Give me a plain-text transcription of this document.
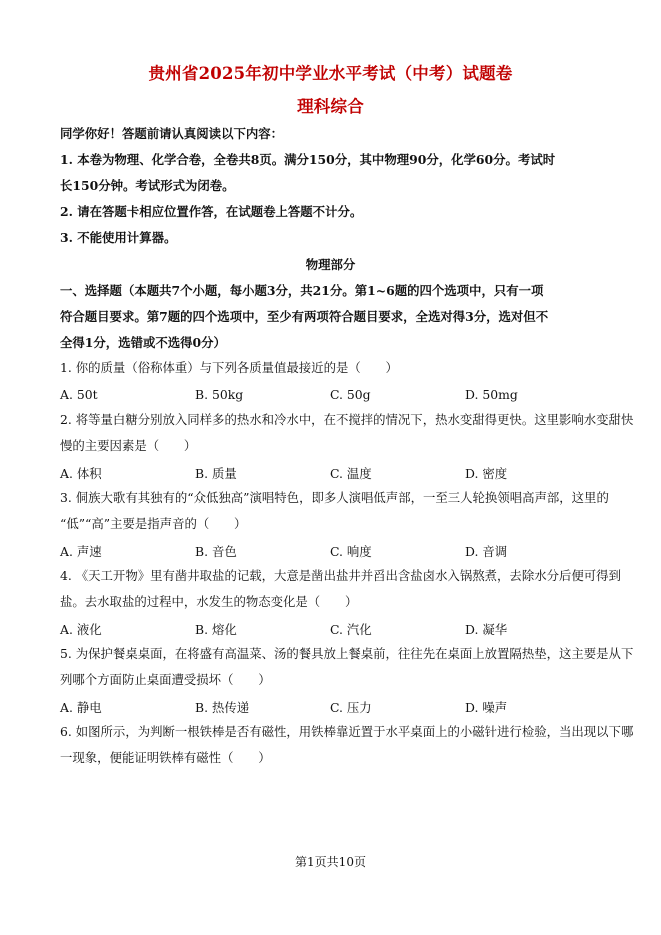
贵州省2025年初中学业水平考试（中考）试题卷
理科综合
同学你好！答题前请认真阅读以下内容：
1. 本卷为物理、化学合卷，全卷共8页。满分150分，其中物理90分，化学60分。考试时
长150分钟。考试形式为闭卷。
2. 请在答题卡相应位置作答，在试题卷上答题不计分。
3. 不能使用计算器。
物理部分
一、选择题（本题共7个小题，每小题3分，共21分。第1~6题的四个选项中，只有一项
符合题目要求。第7题的四个选项中，至少有两项符合题目要求，全选对得3分，选对但不
全得1分，选错或不选得0分）
1. 你的质量（俗称体重）与下列各质量值最接近的是（　　）
A. 50t	B. 50kg	C. 50g	D. 50mg
2. 将等量白糖分别放入同样多的热水和冷水中，在不搅拌的情况下，热水变甜得更快。这里影响水变甜快
慢的主要因素是（　　）
A. 体积	B. 质量	C. 温度	D. 密度
3. 侗族大歌有其独有的“众低独高”演唱特色，即多人演唱低声部，一至三人轮换领唱高声部，这里的
“低”“高”主要是指声音的（　　）
A. 声速	B. 音色	C. 响度	D. 音调
4. 《天工开物》里有凿井取盐的记载，大意是凿出盐井并舀出含盐卤水入锅熬煮，去除水分后便可得到
盐。去水取盐的过程中，水发生的物态变化是（　　）
A. 液化	B. 熔化	C. 汽化	D. 凝华
5. 为保护餐桌桌面，在将盛有高温菜、汤的餐具放上餐桌前，往往先在桌面上放置隔热垫，这主要是从下
列哪个方面防止桌面遭受损坏（　　）
A. 静电	B. 热传递	C. 压力	D. 噪声
6. 如图所示，为判断一根铁棒是否有磁性，用铁棒靠近置于水平桌面上的小磁针进行检验，当出现以下哪
一现象，便能证明铁棒有磁性（　　）
第1页共10页
